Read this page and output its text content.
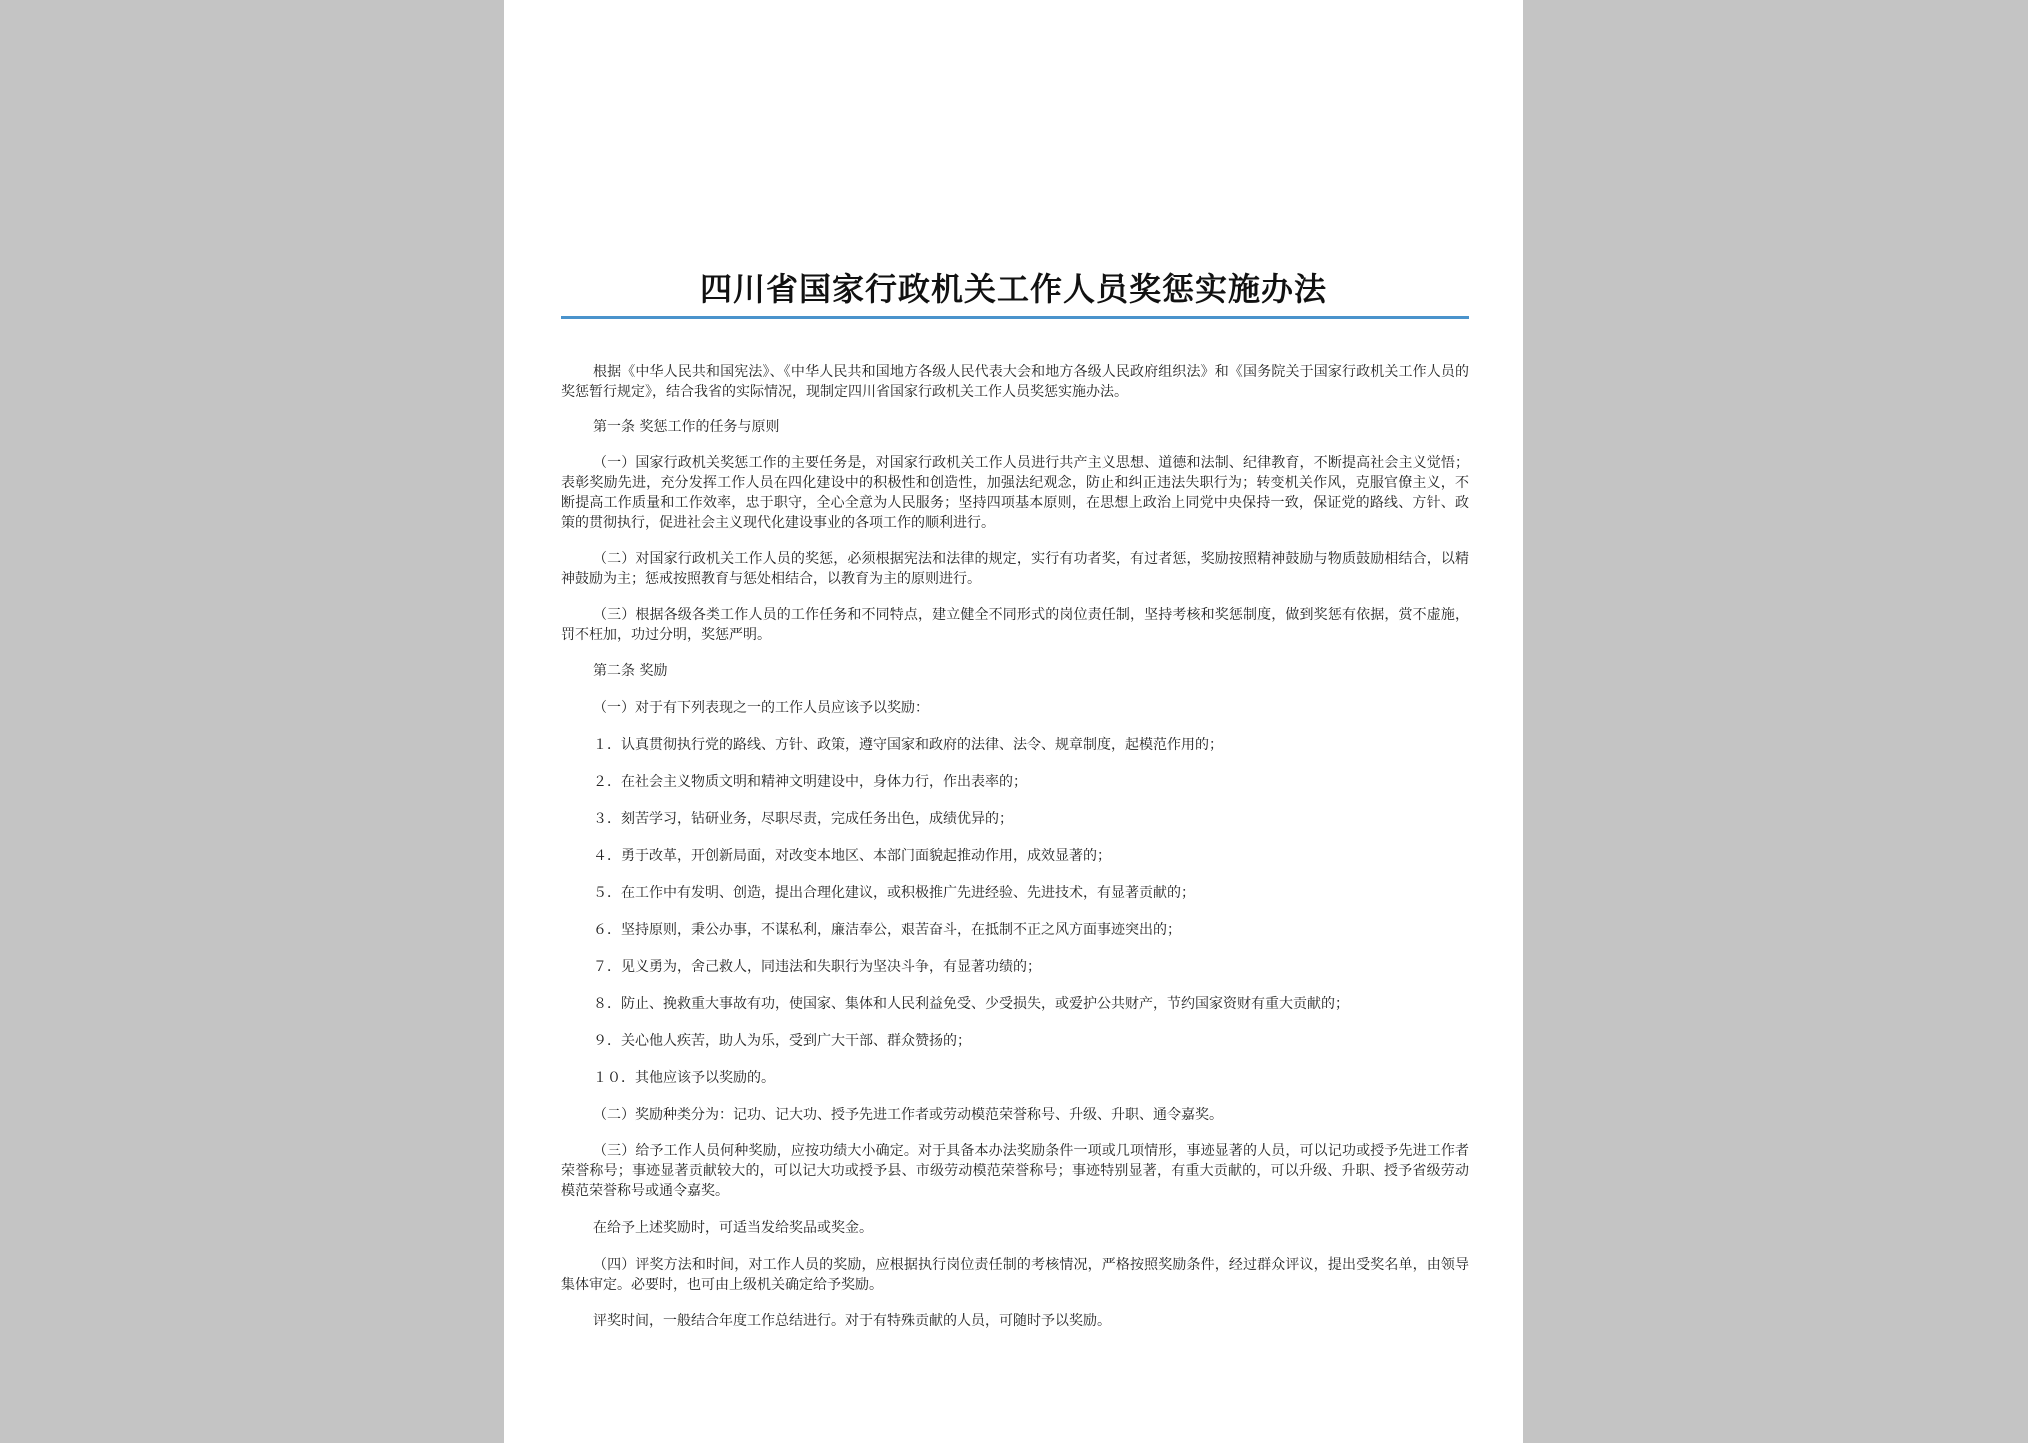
四川省国家行政机关工作人员奖惩实施办法

根据《中华人民共和国宪法》、《中华人民共和国地方各级人民代表大会和地方各级人民政府组织法》和《国务院关于国家行政机关工作人员的奖惩暂行规定》，结合我省的实际情况，现制定四川省国家行政机关工作人员奖惩实施办法。

第一条 奖惩工作的任务与原则

（一）国家行政机关奖惩工作的主要任务是，对国家行政机关工作人员进行共产主义思想、道德和法制、纪律教育，不断提高社会主义觉悟；表彰奖励先进，充分发挥工作人员在四化建设中的积极性和创造性，加强法纪观念，防止和纠正违法失职行为；转变机关作风，克服官僚主义，不断提高工作质量和工作效率，忠于职守，全心全意为人民服务；坚持四项基本原则，在思想上政治上同党中央保持一致，保证党的路线、方针、政策的贯彻执行，促进社会主义现代化建设事业的各项工作的顺利进行。

（二）对国家行政机关工作人员的奖惩，必须根据宪法和法律的规定，实行有功者奖，有过者惩，奖励按照精神鼓励与物质鼓励相结合，以精神鼓励为主；惩戒按照教育与惩处相结合，以教育为主的原则进行。

（三）根据各级各类工作人员的工作任务和不同特点，建立健全不同形式的岗位责任制，坚持考核和奖惩制度，做到奖惩有依据，赏不虚施，罚不枉加，功过分明，奖惩严明。

第二条 奖励

（一）对于有下列表现之一的工作人员应该予以奖励：

１．认真贯彻执行党的路线、方针、政策，遵守国家和政府的法律、法令、规章制度，起模范作用的；

２．在社会主义物质文明和精神文明建设中，身体力行，作出表率的；

３．刻苦学习，钻研业务，尽职尽责，完成任务出色，成绩优异的；

４．勇于改革，开创新局面，对改变本地区、本部门面貌起推动作用，成效显著的；

５．在工作中有发明、创造，提出合理化建议，或积极推广先进经验、先进技术，有显著贡献的；

６．坚持原则，秉公办事，不谋私利，廉洁奉公，艰苦奋斗，在抵制不正之风方面事迹突出的；

７．见义勇为，舍己救人，同违法和失职行为坚决斗争，有显著功绩的；

８．防止、挽救重大事故有功，使国家、集体和人民利益免受、少受损失，或爱护公共财产，节约国家资财有重大贡献的；

９．关心他人疾苦，助人为乐，受到广大干部、群众赞扬的；

１０．其他应该予以奖励的。

（二）奖励种类分为：记功、记大功、授予先进工作者或劳动模范荣誉称号、升级、升职、通令嘉奖。

（三）给予工作人员何种奖励，应按功绩大小确定。对于具备本办法奖励条件一项或几项情形，事迹显著的人员，可以记功或授予先进工作者荣誉称号；事迹显著贡献较大的，可以记大功或授予县、市级劳动模范荣誉称号；事迹特别显著，有重大贡献的，可以升级、升职、授予省级劳动模范荣誉称号或通令嘉奖。

在给予上述奖励时，可适当发给奖品或奖金。

（四）评奖方法和时间，对工作人员的奖励，应根据执行岗位责任制的考核情况，严格按照奖励条件，经过群众评议，提出受奖名单，由领导集体审定。必要时，也可由上级机关确定给予奖励。

评奖时间，一般结合年度工作总结进行。对于有特殊贡献的人员，可随时予以奖励。
